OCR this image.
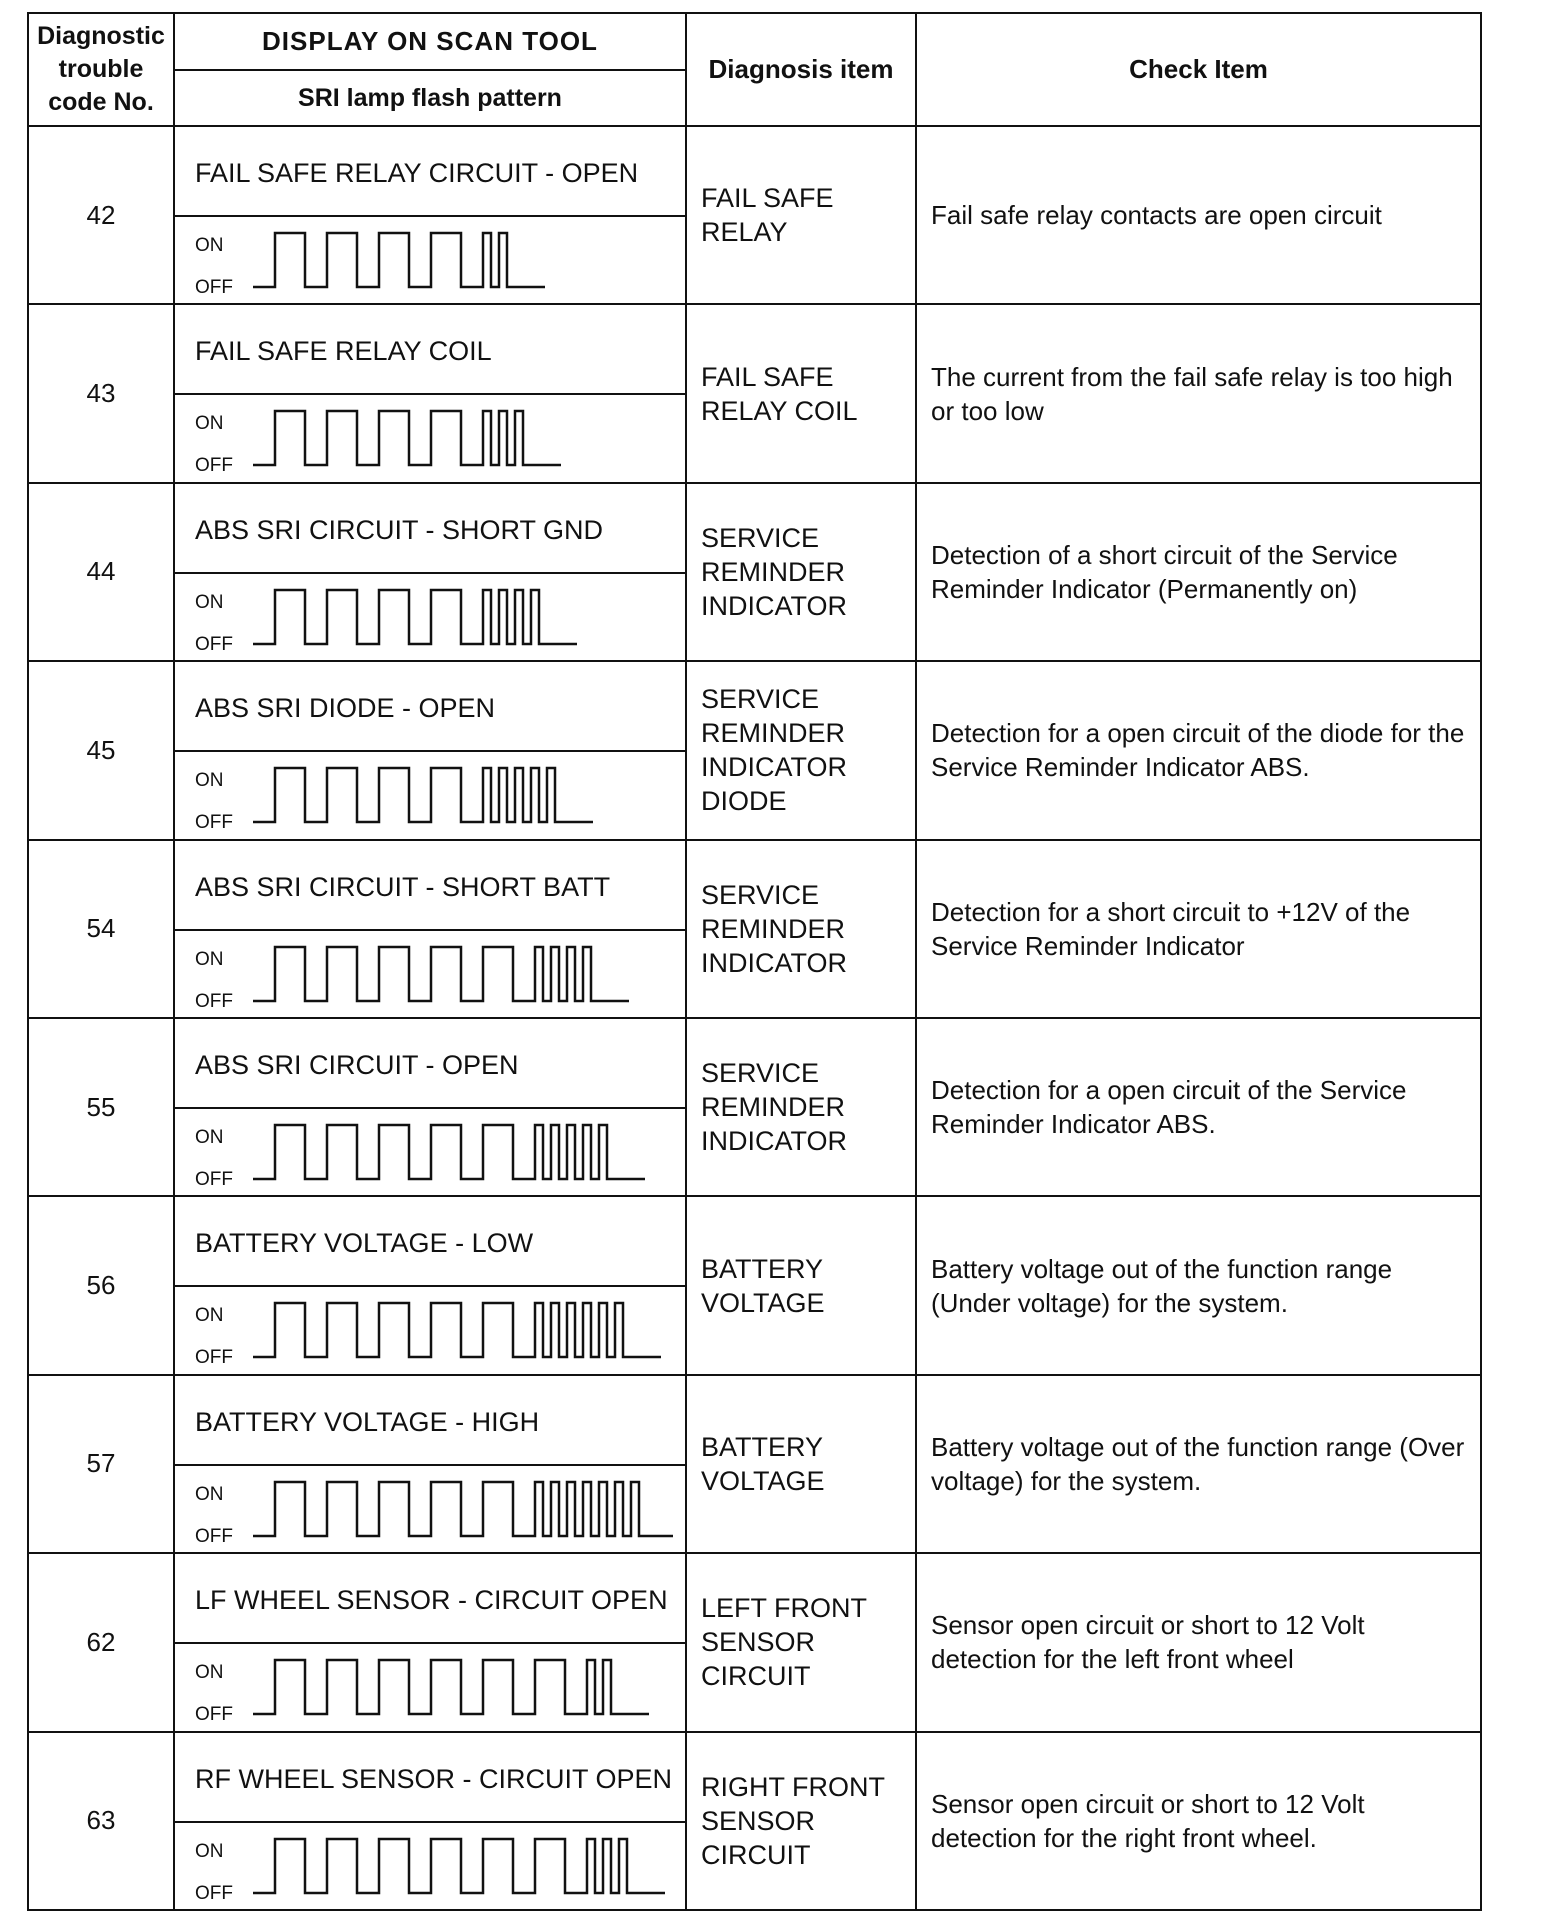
Diagnostic trouble code No.	DISPLAY ON SCAN TOOL	Diagnosis item	Check Item
	SRI lamp flash pattern		
42	FAIL SAFE RELAY CIRCUIT - OPEN	FAIL SAFE RELAY	Fail safe relay contacts are open circuit

	ON
OFF		

43	FAIL SAFE RELAY COIL	FAIL SAFE RELAY COIL	The current from the fail safe relay is too high or too low

	ON
OFF		

44	ABS SRI CIRCUIT - SHORT GND	SERVICE REMINDER INDICATOR	Detection of a short circuit of the Service Reminder Indicator (Permanently on)

	ON
OFF		

45	ABS SRI DIODE - OPEN	SERVICE REMINDER INDICATOR DIODE	Detection for a open circuit of the diode for the Service Reminder Indicator ABS.

	ON
OFF		

54	ABS SRI CIRCUIT - SHORT BATT	SERVICE REMINDER INDICATOR	Detection for a short circuit to +12V of the Service Reminder Indicator

	ON
OFF		

55	ABS SRI CIRCUIT - OPEN	SERVICE REMINDER INDICATOR	Detection for a open circuit of the Service Reminder Indicator ABS.

	ON
OFF		

56	BATTERY VOLTAGE - LOW	BATTERY VOLTAGE	Battery voltage out of the function range (Under voltage) for the system.

	ON
OFF		

57	BATTERY VOLTAGE - HIGH	BATTERY VOLTAGE	Battery voltage out of the function range (Over voltage) for the system.

	ON
OFF		

62	LF WHEEL SENSOR - CIRCUIT OPEN	LEFT FRONT SENSOR CIRCUIT	Sensor open circuit or short to 12 Volt detection for the left front wheel

	ON
OFF		

63	RF WHEEL SENSOR - CIRCUIT OPEN	RIGHT FRONT SENSOR CIRCUIT	Sensor open circuit or short to 12 Volt detection for the right front wheel.

	ON
OFF		
